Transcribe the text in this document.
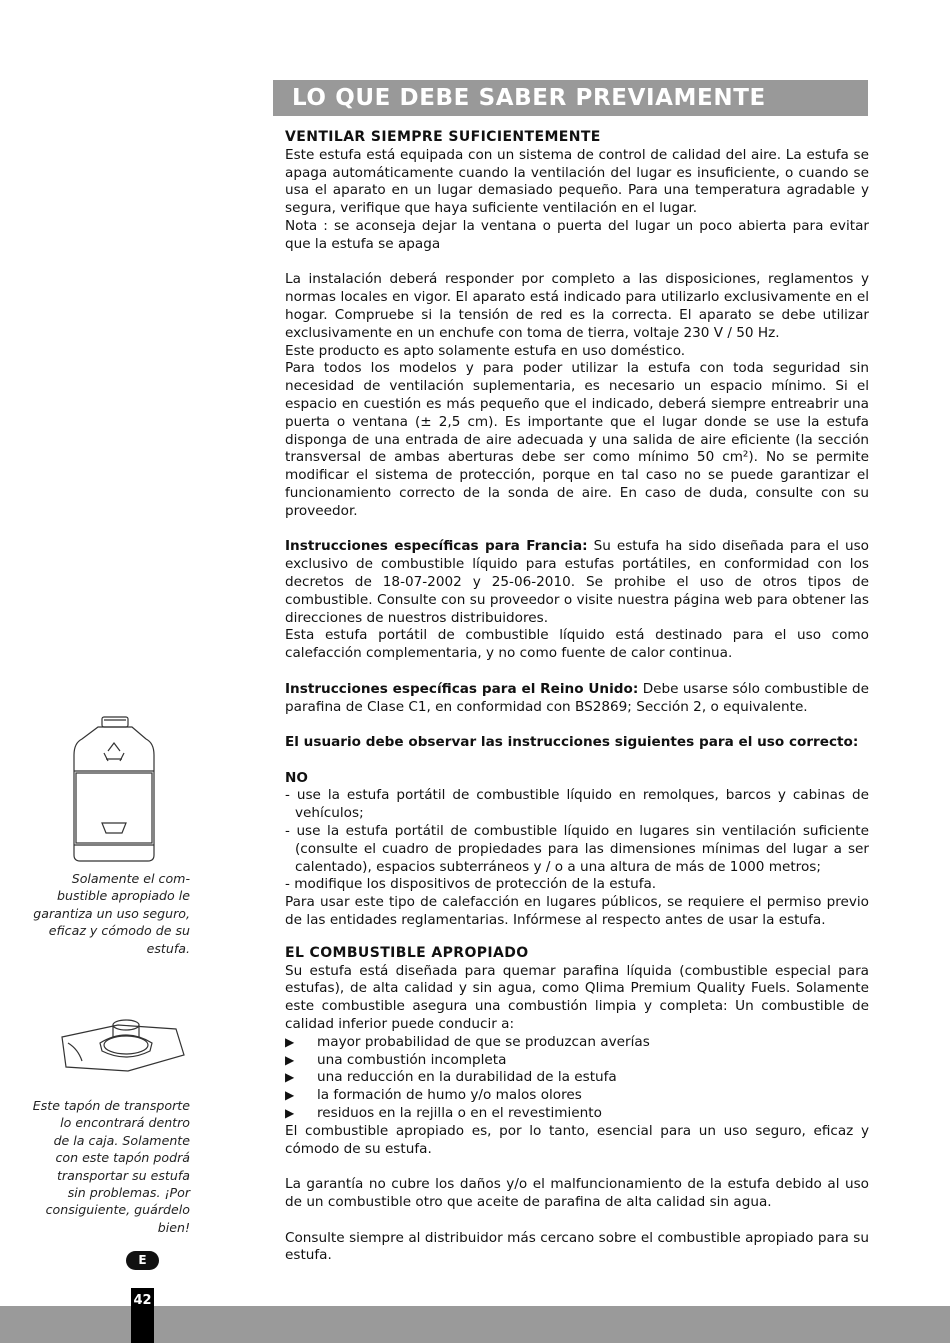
LO QUE DEBE SABER PREVIAMENTE
VENTILAR SIEMPRE SUFICIENTEMENTE

Este estufa está equipada con un sistema de control de calidad del aire. La estufa se apaga automáticamente cuando la ventilación del lugar es insuficiente, o cuando se usa el aparato en un lugar demasiado pequeño. Para una temperatura agradable y segura, verifique que haya suficiente ventilación en el lugar.

Nota : se aconseja dejar la ventana o puerta del lugar un poco abierta para evitar que la estufa se apaga

La instalación deberá responder por completo a las disposiciones, reglamentos y normas locales en vigor. El aparato está indicado para utilizarlo exclusivamente en el hogar. Compruebe si la tensión de red es la correcta. El aparato se debe utilizar exclusivamente en un enchufe con toma de tierra, voltaje 230 V / 50 Hz.

Este producto es apto solamente estufa en uso doméstico.

Para todos los modelos y para poder utilizar la estufa con toda seguridad sin necesidad de ventilación suplementaria, es necesario un espacio mínimo. Si el espacio en cuestión es más pequeño que el indicado, deberá siempre entreabrir una puerta o ventana (± 2,5 cm). Es importante que el lugar donde se use la estufa disponga de una entrada de aire adecuada y una salida de aire eficiente (la sección transversal de ambas aberturas debe ser como mínimo 50 cm²). No se permite modificar el sistema de protección, porque en tal caso no se puede garantizar el funcionamiento correcto de la sonda de aire. En caso de duda, consulte con su proveedor.

Instrucciones específicas para Francia: Su estufa ha sido diseñada para el uso exclusivo de combustible líquido para estufas portátiles, en conformidad con los decretos de 18-07-2002 y 25-06-2010. Se prohibe el uso de otros tipos de combustible. Consulte con su proveedor o visite nuestra página web para obtener las direcciones de nuestros distribuidores.

Esta estufa portátil de combustible líquido está destinado para el uso como calefacción complementaria, y no como fuente de calor continua.

Instrucciones específicas para el Reino Unido: Debe usarse sólo combustible de parafina de Clase C1, en conformidad con BS2869; Sección 2, o equivalente.

El usuario debe observar las instrucciones siguientes para el uso correcto:

NO

- use la estufa portátil de combustible líquido en remolques, barcos y cabinas de vehículos;

- use la estufa portátil de combustible líquido en lugares sin ventilación suficiente (consulte el cuadro de propiedades para las dimensiones mínimas del lugar a ser calentado), espacios subterráneos y / o a una altura de más de 1000 metros;

- modifique los dispositivos de protección de la estufa.

Para usar este tipo de calefacción en lugares públicos, se requiere el permiso previo de las entidades reglamentarias. Infórmese al respecto antes de usar la estufa.

EL COMBUSTIBLE APROPIADO

Su estufa está diseñada para quemar parafina líquida (combustible especial para estufas), de alta calidad y sin agua, como Qlima Premium Quality Fuels. Solamente este combustible asegura una combustión limpia y completa: Un combustible de calidad inferior puede conducir a:

▶	mayor probabilidad de que se produzcan averías
▶	una combustión incompleta
▶	una reducción en la durabilidad de la estufa
▶	la formación de humo y/o malos olores
▶	residuos en la rejilla o en el revestimiento

El combustible apropiado es, por lo tanto, esencial para un uso seguro, eficaz y cómodo de su estufa.

La garantía no cubre los daños y/o el malfuncionamiento de la estufa debido al uso de un combustible otro que aceite de parafina de alta calidad sin agua.

Consulte siempre al distribuidor más cercano sobre el combustible apropiado para su estufa.

Solamente el com-
bustible apropiado le
garantiza un uso seguro,
eficaz y cómodo de su
estufa.
Este tapón de transporte
lo encontrará dentro
de la caja. Solamente
con este tapón podrá
transportar su estufa
sin problemas. ¡Por
consiguiente, guárdelo
bien!
E
42
